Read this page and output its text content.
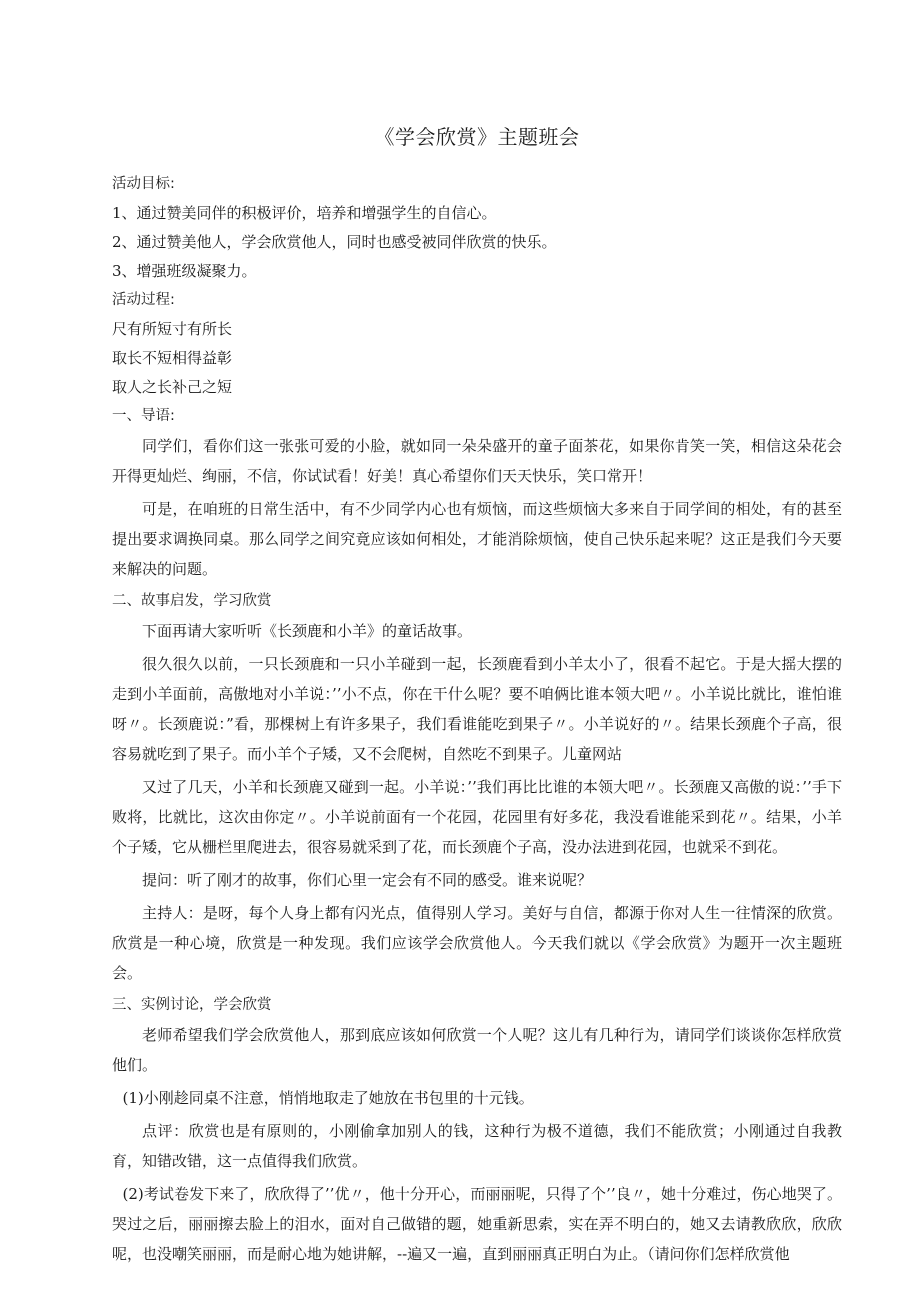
《学会欣赏》主题班会
活动目标:
1、通过赞美同伴的积极评价，培养和增强学生的自信心。
2、通过赞美他人，学会欣赏他人，同时也感受被同伴欣赏的快乐。
3、增强班级凝聚力。
活动过程:
尺有所短寸有所长
取长不短相得益彰
取人之长补己之短
一、导语:

同学们，看你们这一张张可爱的小脸，就如同一朵朵盛开的童子面茶花，如果你肯笑一笑，相信这朵花会开得更灿烂、绚丽，不信，你试试看！好美！真心希望你们天天快乐，笑口常开！

可是，在咱班的日常生活中，有不少同学内心也有烦恼，而这些烦恼大多来自于同学间的相处，有的甚至提出要求调换同桌。那么同学之间究竟应该如何相处，才能消除烦恼，使自己快乐起来呢？这正是我们今天要来解决的问题。

二、故事启发，学习欣赏

下面再请大家听听《长颈鹿和小羊》的童话故事。

很久很久以前，一只长颈鹿和一只小羊碰到一起，长颈鹿看到小羊太小了，很看不起它。于是大摇大摆的走到小羊面前，高傲地对小羊说：’’小不点，你在干什么呢？要不咱俩比谁本领大吧〃。小羊说比就比，谁怕谁呀〃。长颈鹿说：”看，那棵树上有许多果子，我们看谁能吃到果子〃。小羊说好的〃。结果长颈鹿个子高，很容易就吃到了果子。而小羊个子矮，又不会爬树，自然吃不到果子。儿童网站

又过了几天，小羊和长颈鹿又碰到一起。小羊说：’’我们再比比谁的本领大吧〃。长颈鹿又高傲的说：’’手下败将，比就比，这次由你定〃。小羊说前面有一个花园，花园里有好多花，我没看谁能采到花〃。结果，小羊个子矮，它从栅栏里爬进去，很容易就采到了花，而长颈鹿个子高，没办法进到花园，也就采不到花。

提问：听了刚才的故事，你们心里一定会有不同的感受。谁来说呢？

主持人：是呀，每个人身上都有闪光点，值得别人学习。美好与自信，都源于你对人生一往情深的欣赏。欣赏是一种心境，欣赏是一种发现。我们应该学会欣赏他人。今天我们就以《学会欣赏》为题开一次主题班会。

三、实例讨论，学会欣赏

老师希望我们学会欣赏他人，那到底应该如何欣赏一个人呢？这儿有几种行为，请同学们谈谈你怎样欣赏他们。

(1)小刚趁同桌不注意，悄悄地取走了她放在书包里的十元钱。

点评：欣赏也是有原则的，小刚偷拿加别人的钱，这种行为极不道德，我们不能欣赏；小刚通过自我教育，知错改错，这一点值得我们欣赏。

(2)考试卷发下来了，欣欣得了’’优〃，他十分开心，而丽丽呢，只得了个’’良〃，她十分难过，伤心地哭了。哭过之后，丽丽擦去脸上的泪水，面对自己做错的题，她重新思索，实在弄不明白的，她又去请教欣欣，欣欣呢，也没嘲笑丽丽，而是耐心地为她讲解，--遍又一遍，直到丽丽真正明白为止。（请问你们怎样欣赏他
